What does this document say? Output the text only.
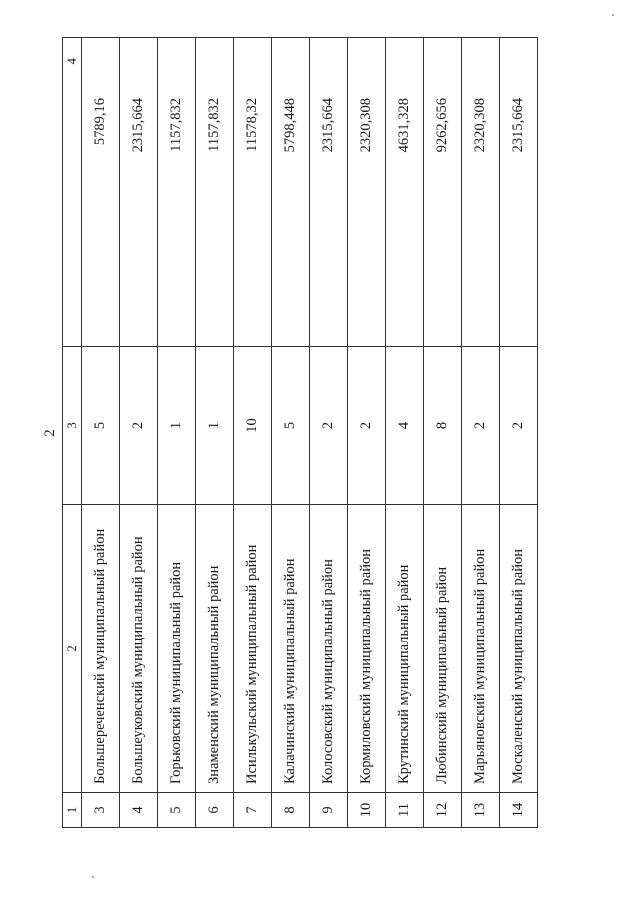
2
1	2	3	4
3	Большереченский муниципальный район	5	5789,16
4	Большеуковский муниципальный район	2	2315,664
5	Горьковский муниципальный район	1	1157,832
6	Знаменский муниципальный район	1	1157,832
7	Исилькульский муниципальный район	10	11578,32
8	Калачинский муниципальный район	5	5798,448
9	Колосовский муниципальный район	2	2315,664
10	Кормиловский муниципальный район	2	2320,308
11	Крутинский муниципальный район	4	4631,328
12	Любинский муниципальный район	8	9262,656
13	Марьяновский муниципальный район	2	2320,308
14	Москаленский муниципальный район	2	2315,664
